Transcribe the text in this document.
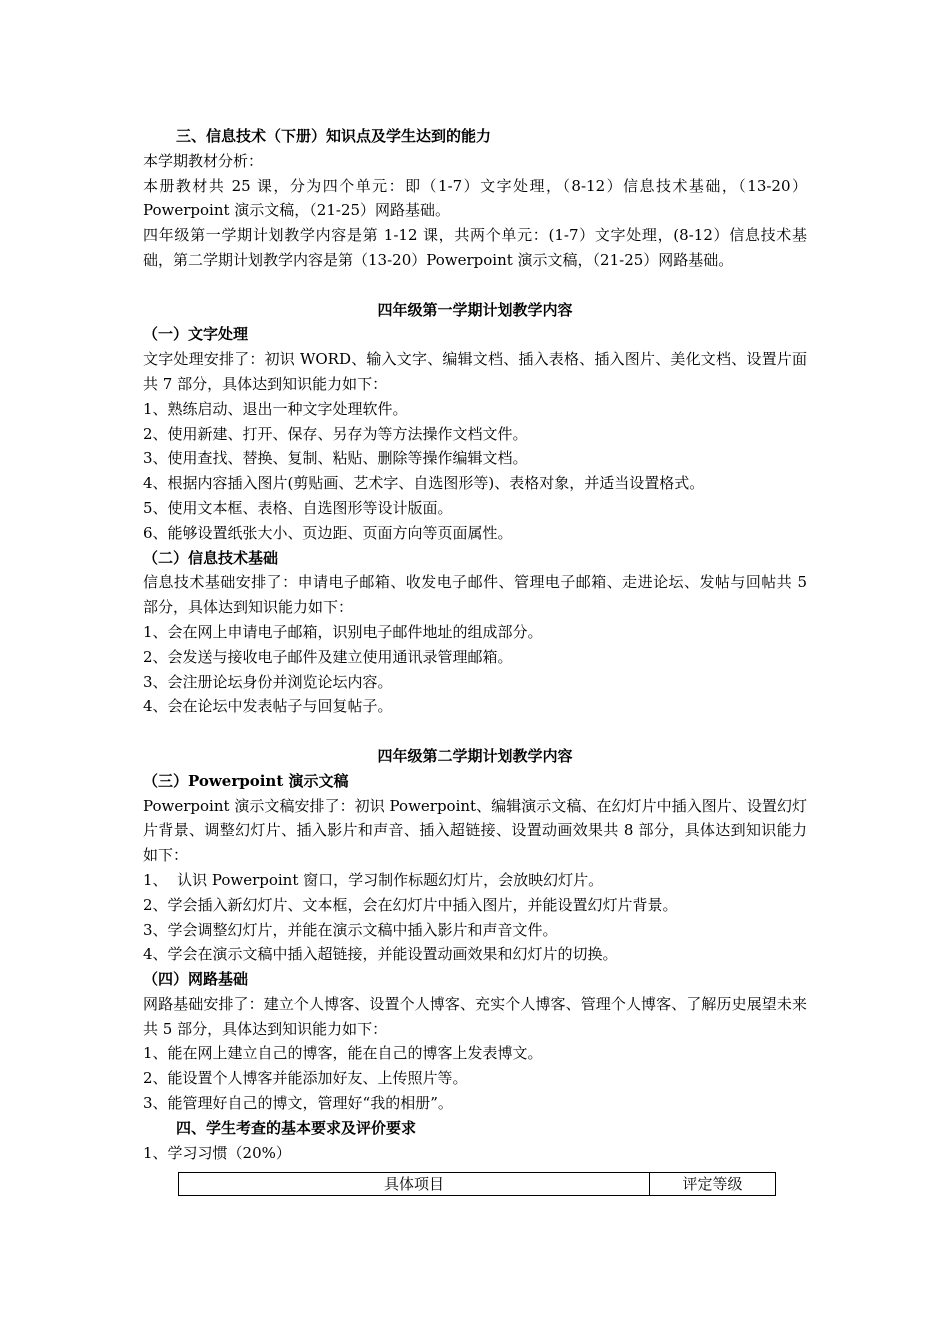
三、信息技术（下册）知识点及学生达到的能力

本学期教材分析：

本册教材共 25 课，分为四个单元：即（1-7）文字处理，（8-12）信息技术基础，（13-20）Powerpoint 演示文稿，（21-25）网路基础。

四年级第一学期计划教学内容是第 1-12 课，共两个单元：(1-7）文字处理，(8-12）信息技术基础，第二学期计划教学内容是第（13-20）Powerpoint 演示文稿，（21-25）网路基础。

四年级第一学期计划教学内容

（一）文字处理

文字处理安排了：初识 WORD、输入文字、编辑文档、插入表格、插入图片、美化文档、设置片面共 7 部分，具体达到知识能力如下：

1、熟练启动、退出一种文字处理软件。

2、使用新建、打开、保存、另存为等方法操作文档文件。

3、使用查找、替换、复制、粘贴、删除等操作编辑文档。

4、根据内容插入图片(剪贴画、艺术字、自选图形等)、表格对象，并适当设置格式。

5、使用文本框、表格、自选图形等设计版面。

6、能够设置纸张大小、页边距、页面方向等页面属性。

（二）信息技术基础

信息技术基础安排了：申请电子邮箱、收发电子邮件、管理电子邮箱、走进论坛、发帖与回帖共 5 部分，具体达到知识能力如下：

1、会在网上申请电子邮箱，识别电子邮件地址的组成部分。

2、会发送与接收电子邮件及建立使用通讯录管理邮箱。

3、会注册论坛身份并浏览论坛内容。

4、会在论坛中发表帖子与回复帖子。

四年级第二学期计划教学内容

（三）Powerpoint 演示文稿

Powerpoint 演示文稿安排了：初识 Powerpoint、编辑演示文稿、在幻灯片中插入图片、设置幻灯片背景、调整幻灯片、插入影片和声音、插入超链接、设置动画效果共 8 部分，具体达到知识能力如下：

1、  认识 Powerpoint 窗口，学习制作标题幻灯片，会放映幻灯片。

2、学会插入新幻灯片、文本框，会在幻灯片中插入图片，并能设置幻灯片背景。

3、学会调整幻灯片，并能在演示文稿中插入影片和声音文件。

4、学会在演示文稿中插入超链接，并能设置动画效果和幻灯片的切换。

（四）网路基础

网路基础安排了：建立个人博客、设置个人博客、充实个人博客、管理个人博客、了解历史展望未来共 5 部分，具体达到知识能力如下：

1、能在网上建立自己的博客，能在自己的博客上发表博文。

2、能设置个人博客并能添加好友、上传照片等。

3、能管理好自己的博文，管理好“我的相册”。

四、学生考查的基本要求及评价要求

1、学习习惯（20%）

具体项目	评定等级
